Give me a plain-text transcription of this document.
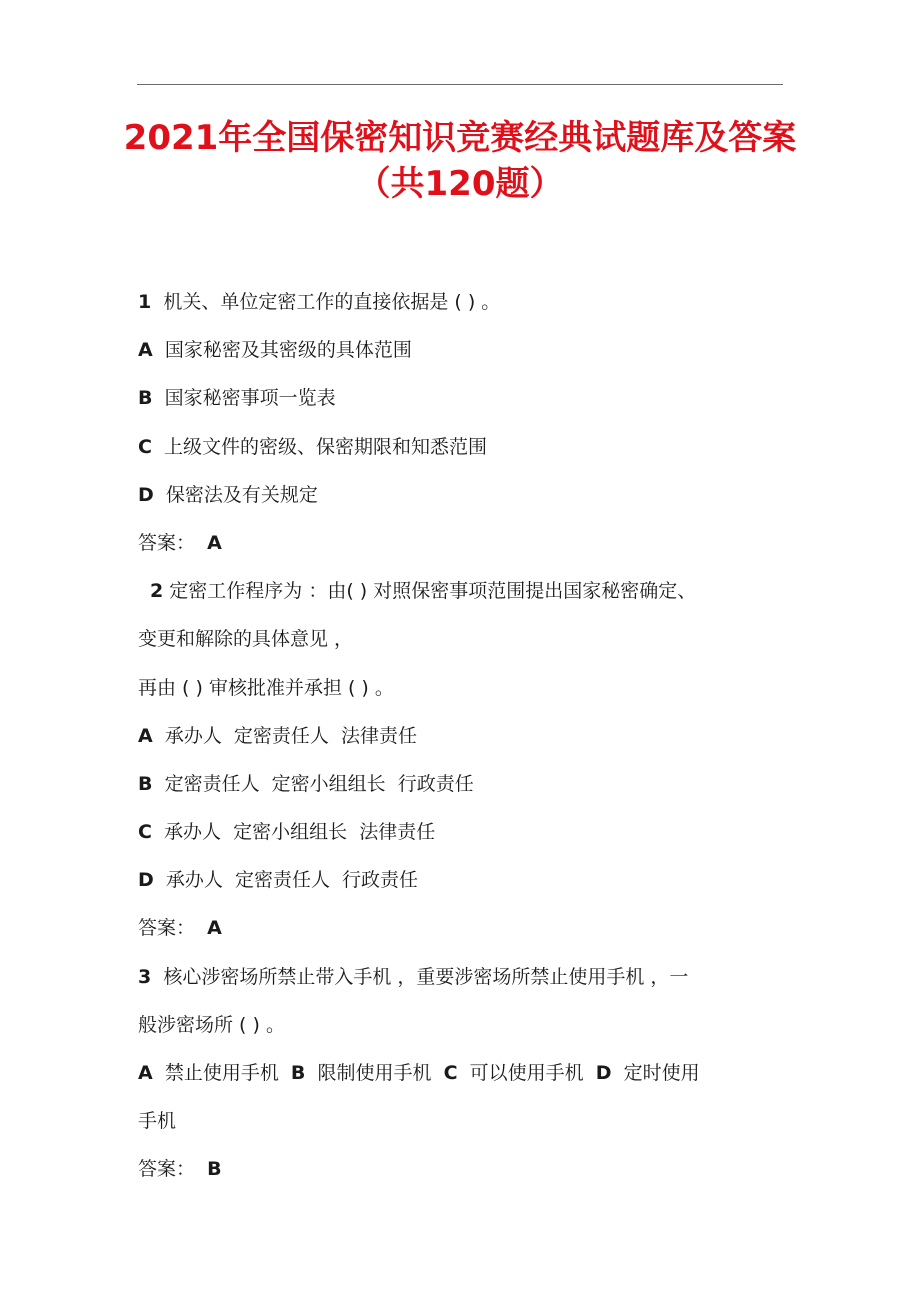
2021年全国保密知识竞赛经典试题库及答案
（共120题）
1 机关、单位定密工作的直接依据是 ( ) 。
A 国家秘密及其密级的具体范围
B 国家秘密事项一览表
C 上级文件的密级、保密期限和知悉范围
D 保密法及有关规定
答案： A
2 定密工作程序为 ：由( ) 对照保密事项范围提出国家秘密确定、
变更和解除的具体意见 ，
再由 ( ) 审核批准并承担 ( ) 。
A 承办人  定密责任人  法律责任
B 定密责任人  定密小组组长  行政责任
C 承办人  定密小组组长  法律责任
D 承办人  定密责任人  行政责任
答案： A
3 核心涉密场所禁止带入手机 ，重要涉密场所禁止使用手机 ，一
般涉密场所 ( ) 。
A 禁止使用手机 B 限制使用手机 C 可以使用手机 D 定时使用
手机
答案： B
